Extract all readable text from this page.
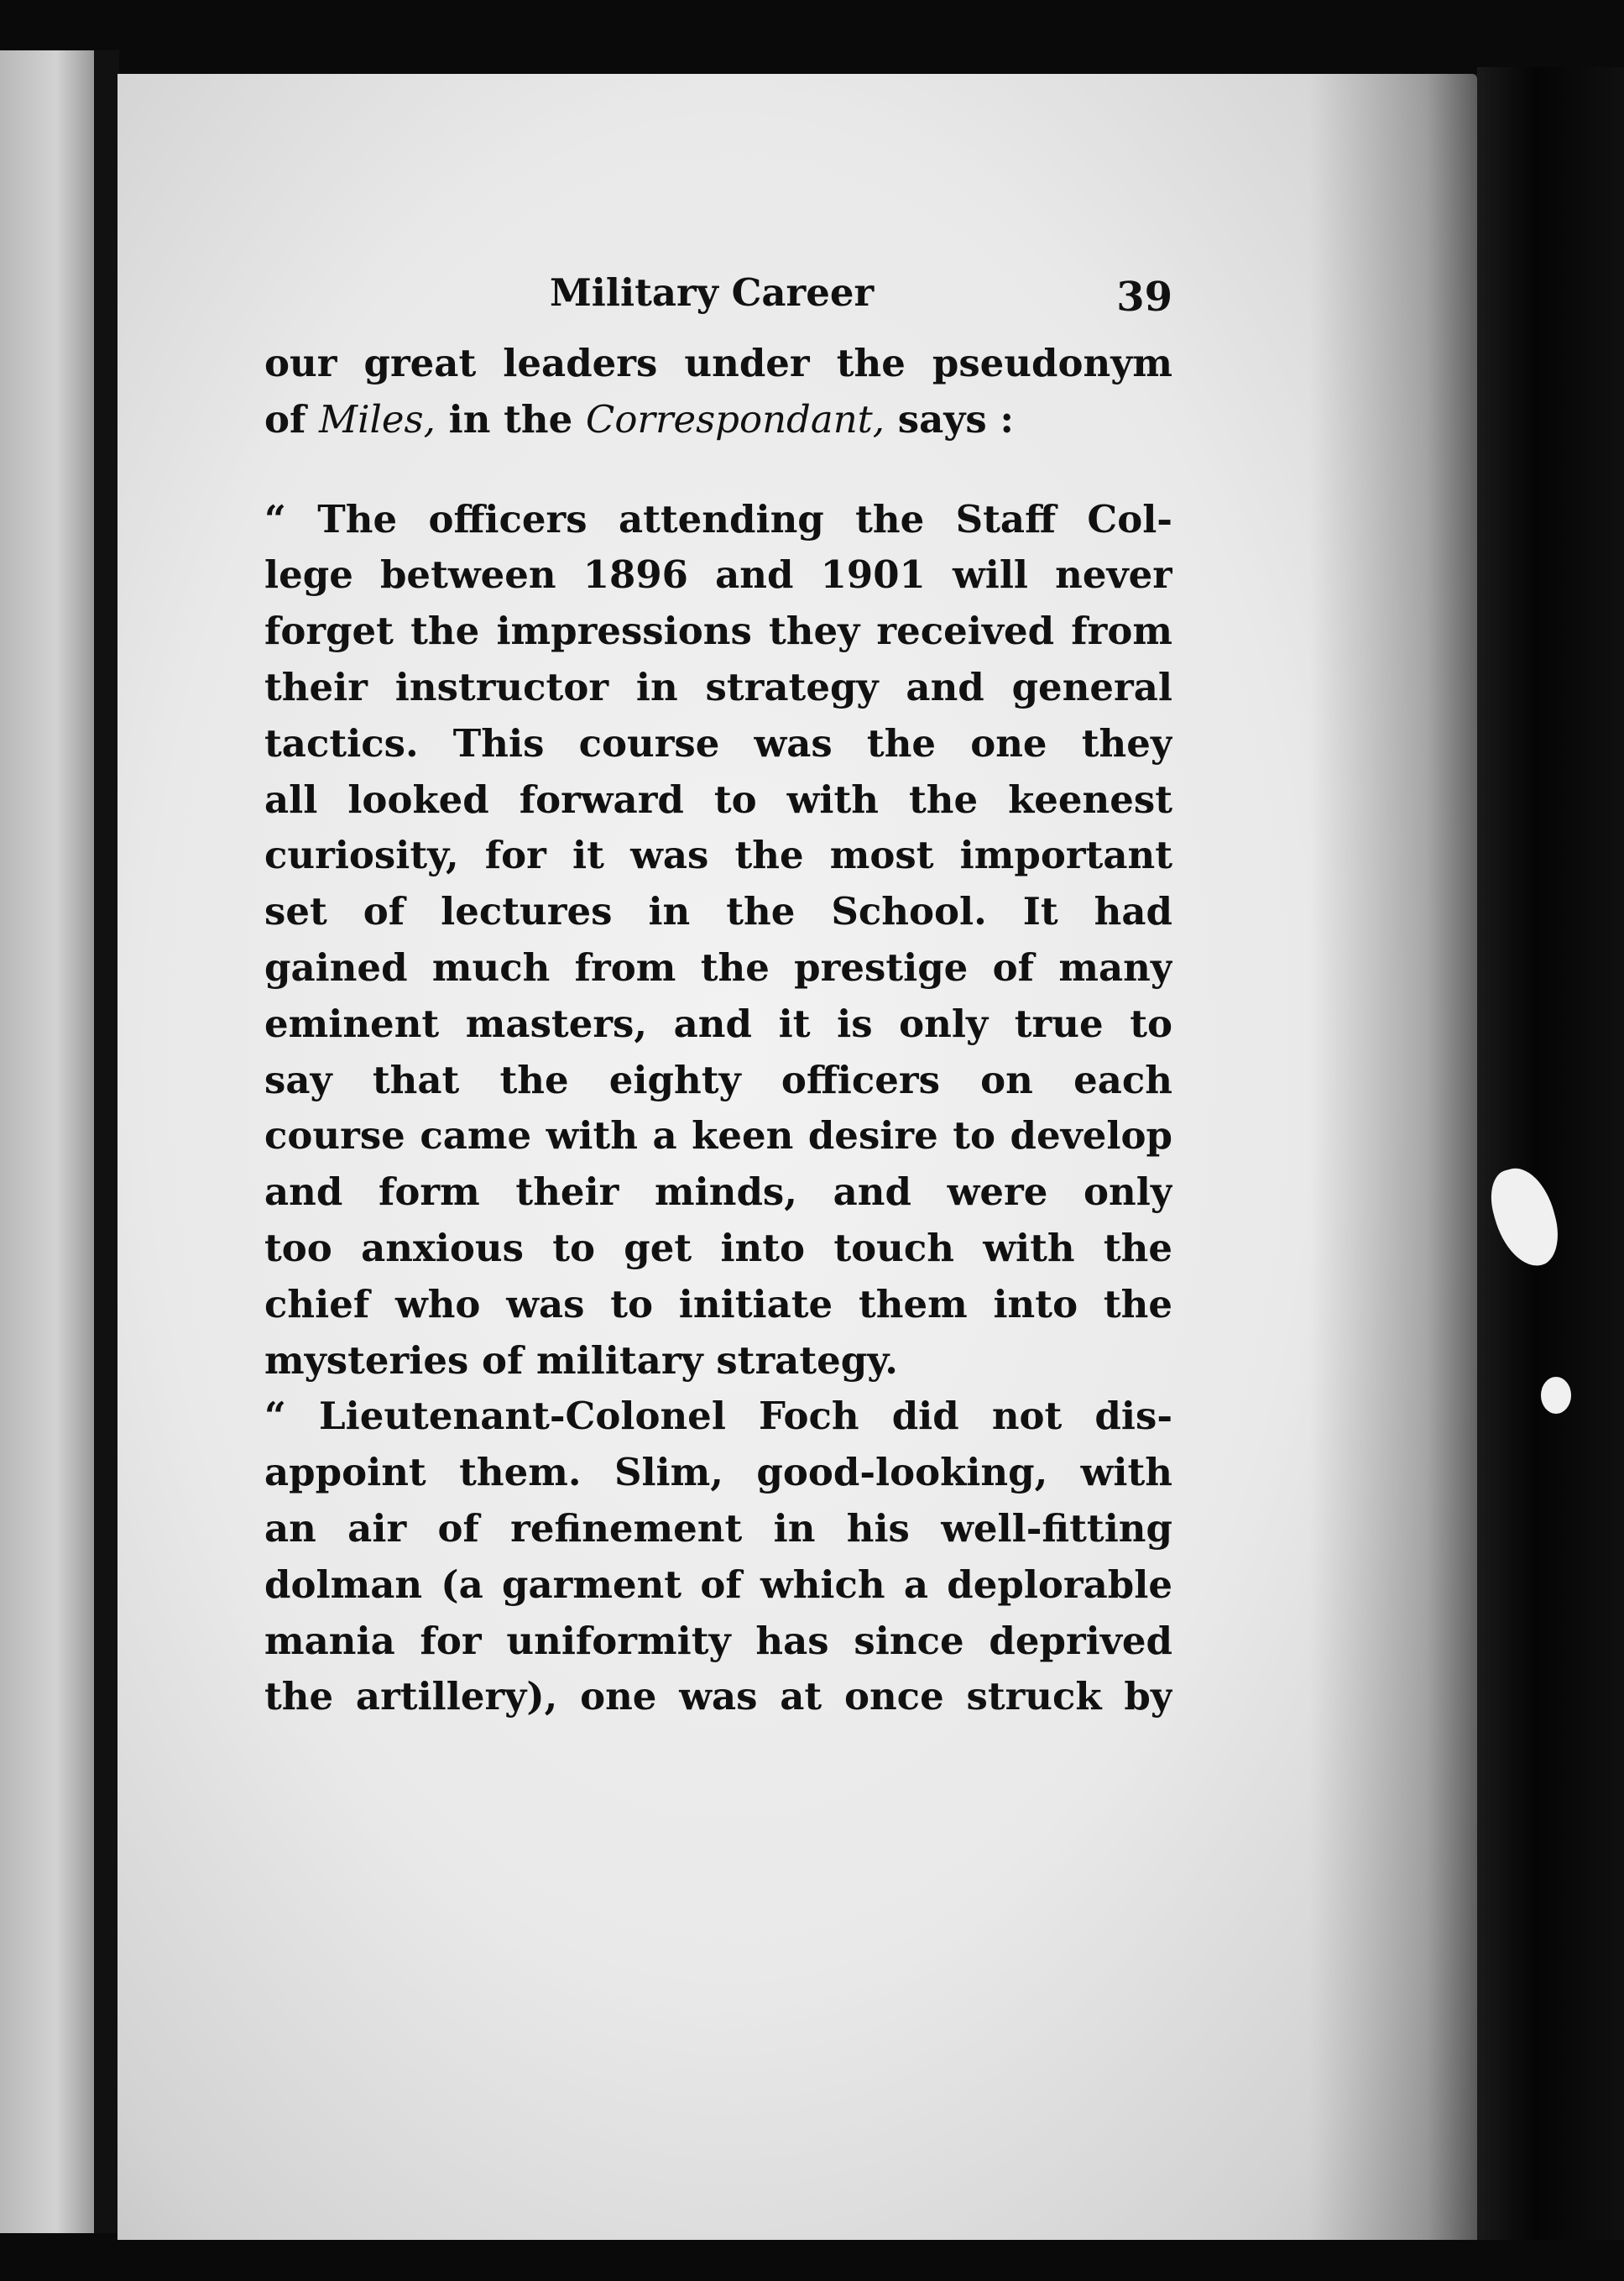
Military Career	39
our great leaders under the pseudonym
of Miles, in the Correspondant, says :
“ The officers attending the Staff Col-
lege between 1896 and 1901 will never
forget the impressions they received from
their instructor in strategy and general
tactics. This course was the one they
all looked forward to with the keenest
curiosity, for it was the most important
set of lectures in the School. It had
gained much from the prestige of many
eminent masters, and it is only true to
say that the eighty officers on each
course came with a keen desire to develop
and form their minds, and were only
too anxious to get into touch with the
chief who was to initiate them into the
mysteries of military strategy.
“ Lieutenant-Colonel Foch did not dis-
appoint them. Slim, good-looking, with
an air of refinement in his well-fitting
dolman (a garment of which a deplorable
mania for uniformity has since deprived
the artillery), one was at once struck by
